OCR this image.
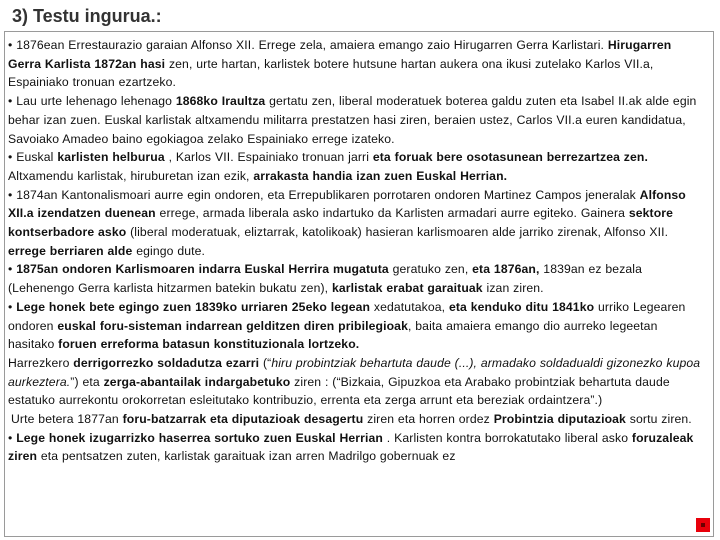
3) Testu ingurua.:

• 1876ean Errestaurazio garaian Alfonso XII. Errege zela, amaiera emango zaio Hirugarren Gerra Karlistari. Hirugarren Gerra Karlista 1872an hasi zen, urte hartan, karlistek botere hutsune hartan aukera ona ikusi zutelako Karlos VII.a, Espainiako tronuan ezartzeko.

• Lau urte lehenago lehenago 1868ko Iraultza gertatu zen, liberal moderatuek boterea galdu zuten eta Isabel II.ak alde egin behar izan zuen. Euskal karlistak altxamendu militarra prestatzen hasi ziren, beraien ustez, Carlos VII.a euren kandidatua, Savoiako Amadeo baino egokiagoa zelako Espainiako errege izateko.

• Euskal karlisten helburua , Karlos VII. Espainiako tronuan jarri eta foruak bere osotasunean berrezartzea zen. Altxamendu karlistak, hiruburetan izan ezik, arrakasta handia izan zuen Euskal Herrian.

• 1874an Kantonalismoari aurre egin ondoren, eta Errepublikaren porrotaren ondoren Martinez Campos jeneralak Alfonso XII.a izendatzen duenean errege, armada liberala asko indartuko da Karlisten armadari aurre egiteko. Gainera sektore kontserbadore asko (liberal moderatuak, eliztarrak, katolikoak) hasieran karlismoaren alde jarriko zirenak, Alfonso XII. errege berriaren alde egingo dute.

• 1875an ondoren Karlismoaren indarra Euskal Herrira mugatuta geratuko zen, eta 1876an, 1839an ez bezala (Lehenengo Gerra karlista hitzarmen batekin bukatu zen), karlistak erabat garaituak izan ziren.

• Lege honek bete egingo zuen 1839ko urriaren 25eko legean xedatutakoa, eta kenduko ditu 1841ko urriko Legearen ondoren euskal foru-sisteman indarrean gelditzen diren pribilegioak, baita amaiera emango dio aurreko legeetan hasitako foruen erreforma batasun konstituzionala lortzeko.

Harrezkero derrigorrezko soldadutza ezarri (“hiru probintziak behartuta daude (...), armadako soldadualdi gizonezko kupoa aurkeztera.”) eta zerga-abantailak indargabetuko ziren : (“Bizkaia, Gipuzkoa eta Arabako probintziak behartuta daude estatuko aurrekontu orokorretan esleitutako kontribuzio, errenta eta zerga arrunt eta bereziak ordaintzera”.)

Urte betera 1877an foru-batzarrak eta diputazioak desagertu ziren eta horren ordez Probintzia diputazioak sortu ziren.

• Lege honek izugarrizko haserrea sortuko zuen Euskal Herrian . Karlisten kontra borrokatutako liberal asko foruzaleak ziren eta pentsatzen zuten, karlistak garaituak izan arren Madrilgo gobernuak ez
